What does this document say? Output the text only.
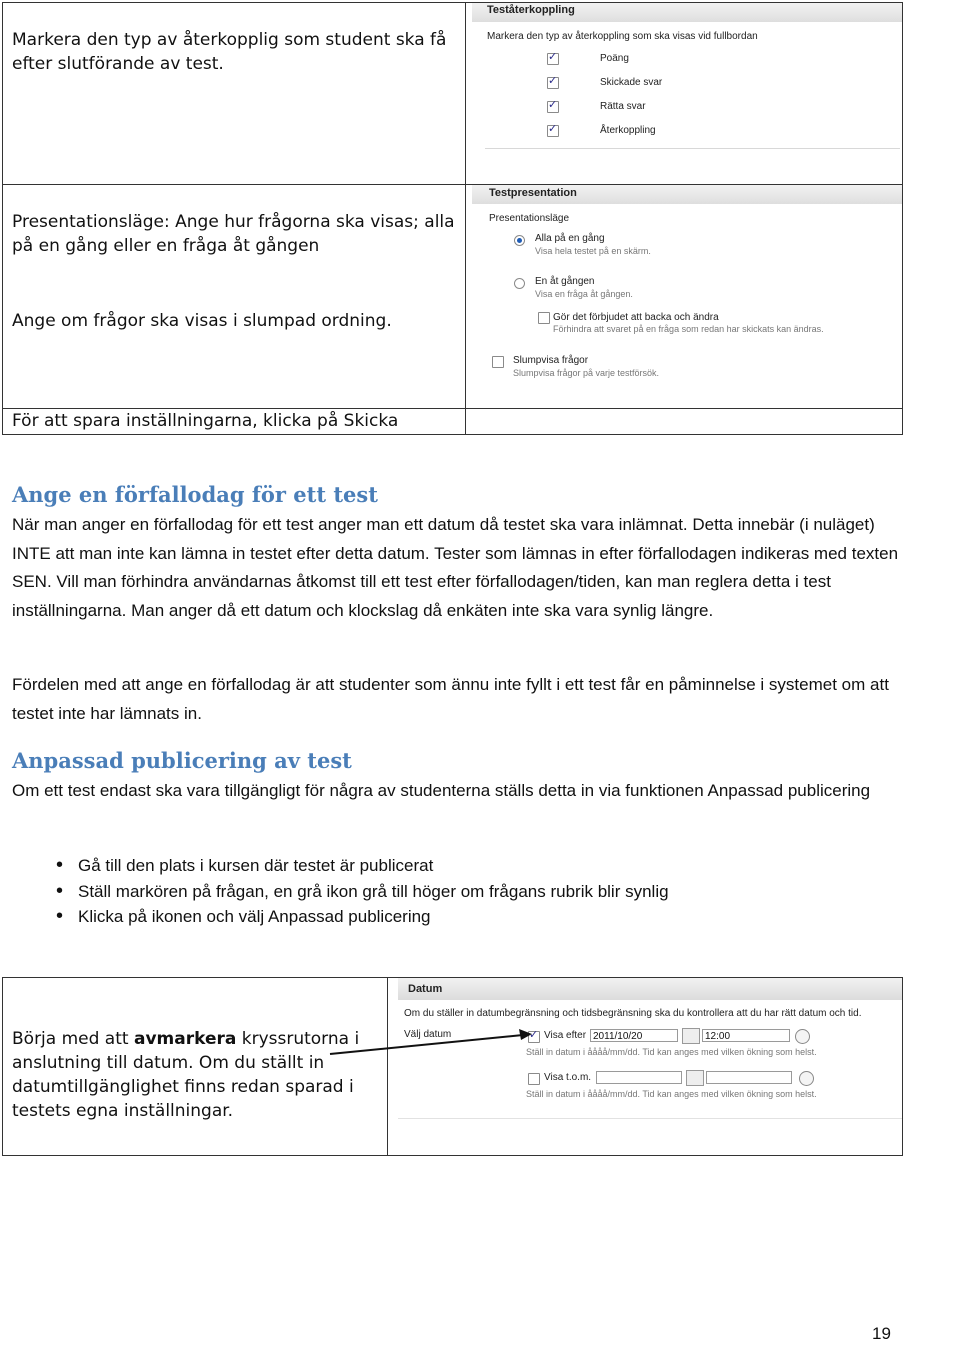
Markera den typ av återkopplig som student ska få efter slutförande av test.
Presentationsläge: Ange hur frågorna ska visas; alla på en gång eller en fråga åt gången
Ange om frågor ska visas i slumpad ordning.
För att spara inställningarna, klicka på Skicka
Teståterkoppling
Markera den typ av återkoppling som ska visas vid fullbordan
✓
Poäng
✓
Skickade svar
✓
Rätta svar
✓
Återkoppling
Testpresentation
Presentationsläge
Alla på en gång
Visa hela testet på en skärm.
En åt gången
Visa en fråga åt gången.
Gör det förbjudet att backa och ändra
Förhindra att svaret på en fråga som redan har skickats kan ändras.
Slumpvisa frågor
Slumpvisa frågor på varje testförsök.
Ange en förfallodag för ett test
När man anger en förfallodag för ett test anger man ett datum då testet ska vara inlämnat. Detta innebär (i nuläget) INTE att man inte kan lämna in testet efter detta datum. Tester som lämnas in efter förfallodagen indikeras med texten SEN. Vill man förhindra användarnas åtkomst till ett test efter förfallodagen/tiden, kan man reglera detta i test inställningarna. Man anger då ett datum och klockslag då enkäten inte ska vara synlig längre.
Fördelen med att ange en förfallodag är att studenter som ännu inte fyllt i ett test får en påminnelse i systemet om att testet inte har lämnats in.
Anpassad publicering av test
Om ett test endast ska vara tillgängligt för några av studenterna ställs detta in via funktionen Anpassad publicering
• Gå till den plats i kursen där testet är publicerat
• Ställ markören på frågan, en grå ikon grå till höger om frågans rubrik blir synlig
• Klicka på ikonen och välj Anpassad publicering
Börja med att avmarkera kryssrutorna i anslutning till datum. Om du ställt in datumtillgänglighet finns redan sparad i testets egna inställningar.
Datum
Om du ställer in datumbegränsning och tidsbegränsning ska du kontrollera att du har rätt datum och tid.
Välj datum
✓	Visa efter 2011/10/20	12:00
Ställ in datum i åååå/mm/dd. Tid kan anges med vilken ökning som helst.
Visa t.o.m.
Ställ in datum i åååå/mm/dd. Tid kan anges med vilken ökning som helst.
19
